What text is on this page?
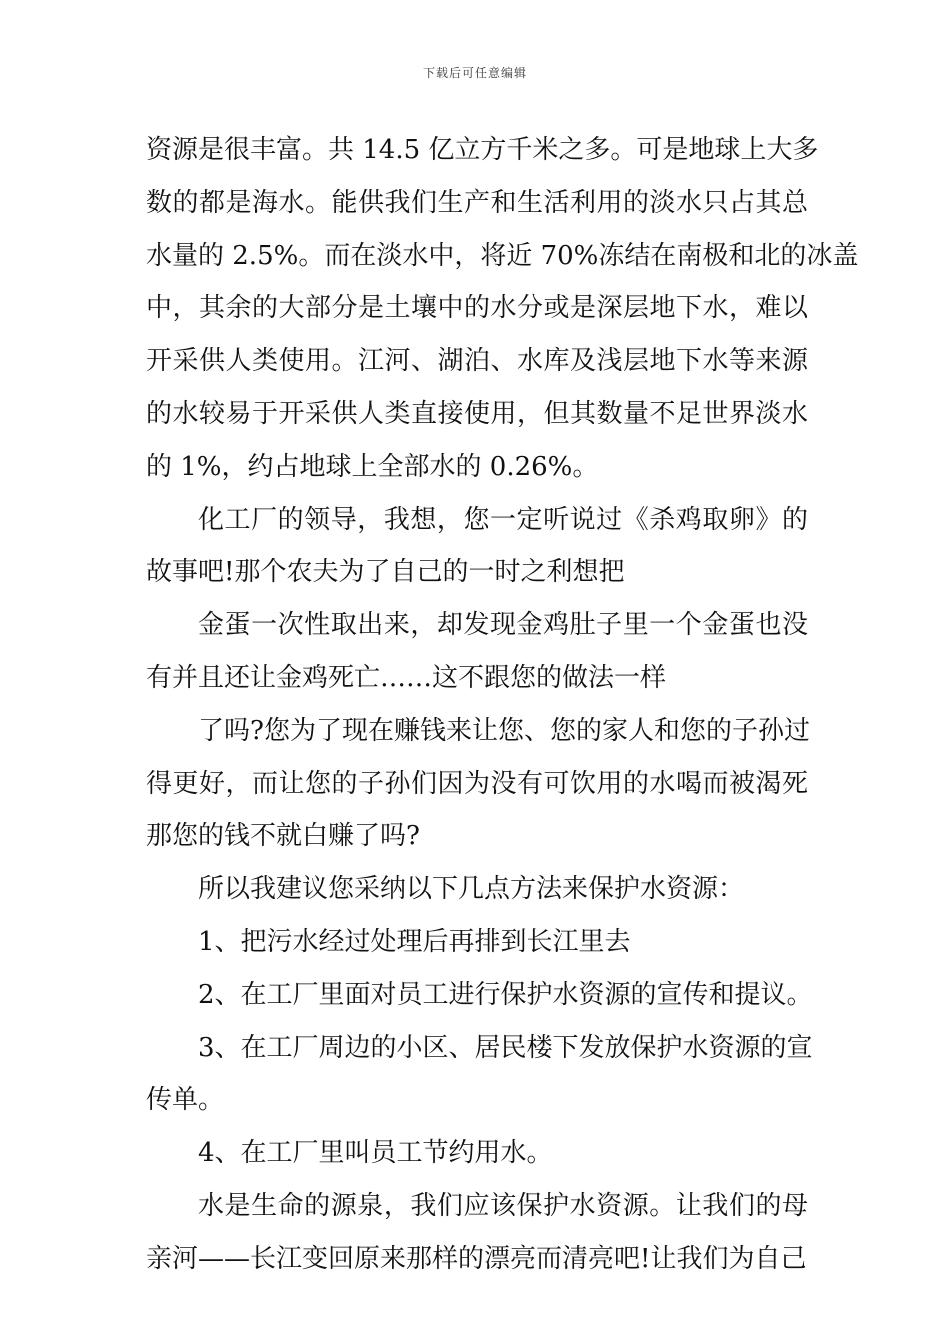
下载后可任意编辑
资源是很丰富。共 14.5 亿立方千米之多。可是地球上大多
数的都是海水。能供我们生产和生活利用的淡水只占其总
水量的 2.5%。而在淡水中，将近 70%冻结在南极和北的冰盖
中，其余的大部分是土壤中的水分或是深层地下水，难以
开采供人类使用。江河、湖泊、水库及浅层地下水等来源
的水较易于开采供人类直接使用，但其数量不足世界淡水
的 1%，约占地球上全部水的 0.26%。
化工厂的领导，我想，您一定听说过《杀鸡取卵》的
故事吧!那个农夫为了自己的一时之利想把
金蛋一次性取出来，却发现金鸡肚子里一个金蛋也没
有并且还让金鸡死亡……这不跟您的做法一样
了吗?您为了现在赚钱来让您、您的家人和您的子孙过
得更好，而让您的子孙们因为没有可饮用的水喝而被渴死
那您的钱不就白赚了吗?
所以我建议您采纳以下几点方法来保护水资源：
1、把污水经过处理后再排到长江里去
2、在工厂里面对员工进行保护水资源的宣传和提议。
3、在工厂周边的小区、居民楼下发放保护水资源的宣
传单。
4、在工厂里叫员工节约用水。
水是生命的源泉，我们应该保护水资源。让我们的母
亲河——长江变回原来那样的漂亮而清亮吧!让我们为自己
